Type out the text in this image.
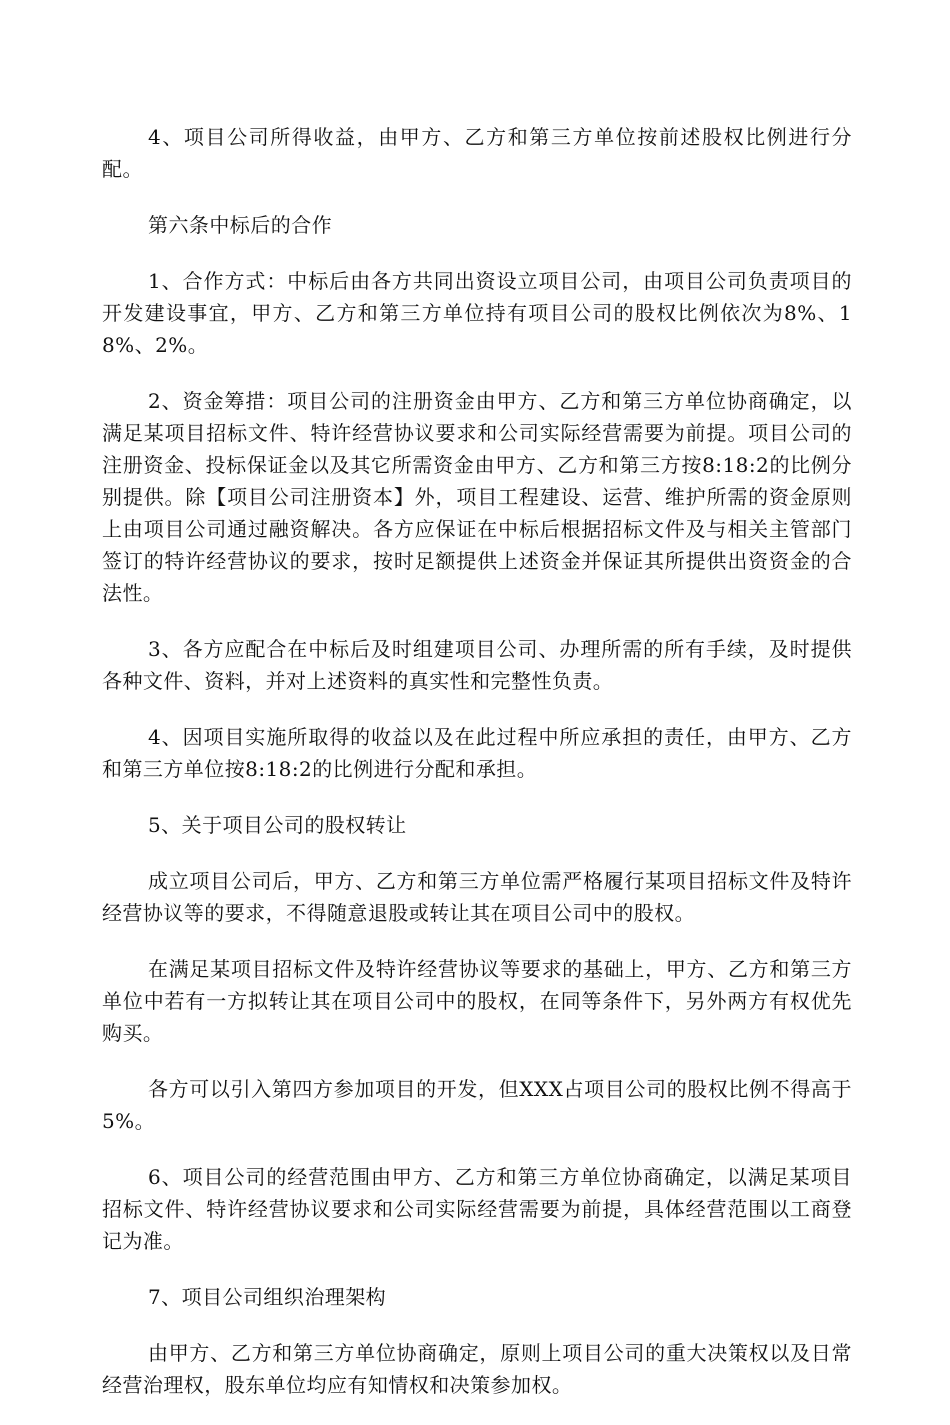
4、项目公司所得收益，由甲方、乙方和第三方单位按前述股权比例进行分配。

第六条中标后的合作

1、合作方式：中标后由各方共同出资设立项目公司，由项目公司负责项目的开发建设事宜，甲方、乙方和第三方单位持有项目公司的股权比例依次为8%、18%、2%。

2、资金筹措：项目公司的注册资金由甲方、乙方和第三方单位协商确定，以满足某项目招标文件、特许经营协议要求和公司实际经营需要为前提。项目公司的注册资金、投标保证金以及其它所需资金由甲方、乙方和第三方按8:18:2的比例分别提供。除【项目公司注册资本】外，项目工程建设、运营、维护所需的资金原则上由项目公司通过融资解决。各方应保证在中标后根据招标文件及与相关主管部门签订的特许经营协议的要求，按时足额提供上述资金并保证其所提供出资资金的合法性。

3、各方应配合在中标后及时组建项目公司、办理所需的所有手续，及时提供各种文件、资料，并对上述资料的真实性和完整性负责。

4、因项目实施所取得的收益以及在此过程中所应承担的责任，由甲方、乙方和第三方单位按8:18:2的比例进行分配和承担。

5、关于项目公司的股权转让

成立项目公司后，甲方、乙方和第三方单位需严格履行某项目招标文件及特许经营协议等的要求，不得随意退股或转让其在项目公司中的股权。

在满足某项目招标文件及特许经营协议等要求的基础上，甲方、乙方和第三方单位中若有一方拟转让其在项目公司中的股权，在同等条件下，另外两方有权优先购买。

各方可以引入第四方参加项目的开发，但XXX占项目公司的股权比例不得高于5%。

6、项目公司的经营范围由甲方、乙方和第三方单位协商确定，以满足某项目招标文件、特许经营协议要求和公司实际经营需要为前提，具体经营范围以工商登记为准。

7、项目公司组织治理架构

由甲方、乙方和第三方单位协商确定，原则上项目公司的重大决策权以及日常经营治理权，股东单位均应有知情权和决策参加权。
